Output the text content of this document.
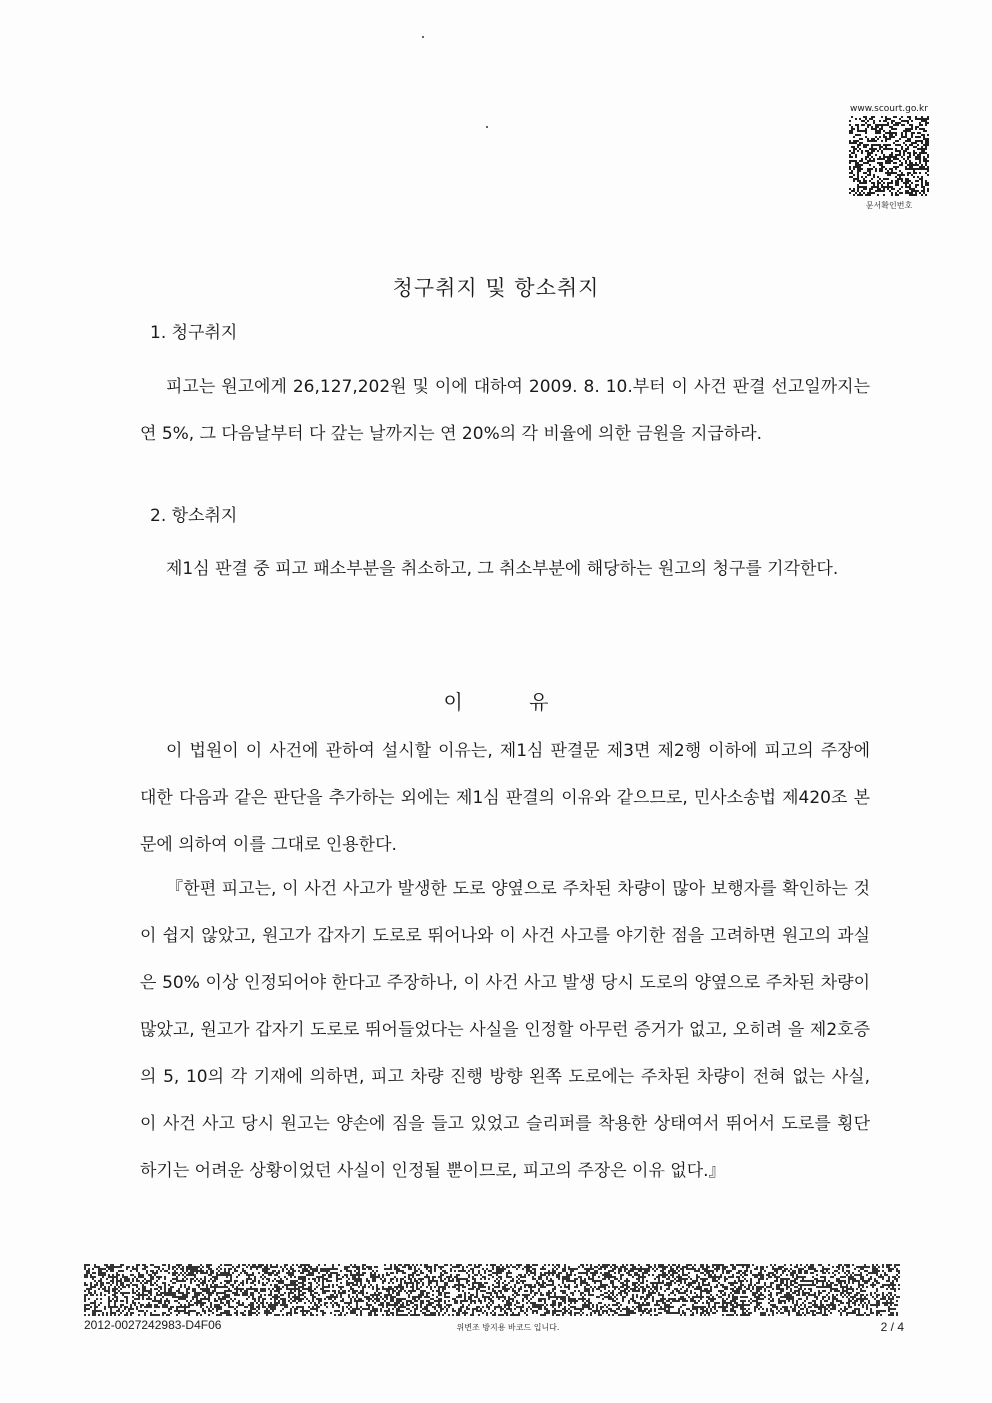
www.scourt.go.kr
문서확인번호
청구취지 및 항소취지
1. 청구취지

피고는 원고에게 26,127,202원 및 이에 대하여 2009. 8. 10.부터 이 사건 판결 선고일까지는 연 5%, 그 다음날부터 다 갚는 날까지는 연 20%의 각 비율에 의한 금원을 지급하라.

2. 항소취지

제1심 판결 중 피고 패소부분을 취소하고, 그 취소부분에 해당하는 원고의 청구를 기각한다.

이 유

이 법원이 이 사건에 관하여 설시할 이유는, 제1심 판결문 제3면 제2행 이하에 피고의 주장에 대한 다음과 같은 판단을 추가하는 외에는 제1심 판결의 이유와 같으므로, 민사소송법 제420조 본문에 의하여 이를 그대로 인용한다.

『한편 피고는, 이 사건 사고가 발생한 도로 양옆으로 주차된 차량이 많아 보행자를 확인하는 것이 쉽지 않았고, 원고가 갑자기 도로로 뛰어나와 이 사건 사고를 야기한 점을 고려하면 원고의 과실은 50% 이상 인정되어야 한다고 주장하나, 이 사건 사고 발생 당시 도로의 양옆으로 주차된 차량이 많았고, 원고가 갑자기 도로로 뛰어들었다는 사실을 인정할 아무런 증거가 없고, 오히려 을 제2호증의 5, 10의 각 기재에 의하면, 피고 차량 진행 방향 왼쪽 도로에는 주차된 차량이 전혀 없는 사실, 이 사건 사고 당시 원고는 양손에 짐을 들고 있었고 슬리퍼를 착용한 상태여서 뛰어서 도로를 횡단하기는 어려운 상황이었던 사실이 인정될 뿐이므로, 피고의 주장은 이유 없다.』

2012-0027242983-D4F06	위변조 방지용 바코드 입니다.	2 / 4
